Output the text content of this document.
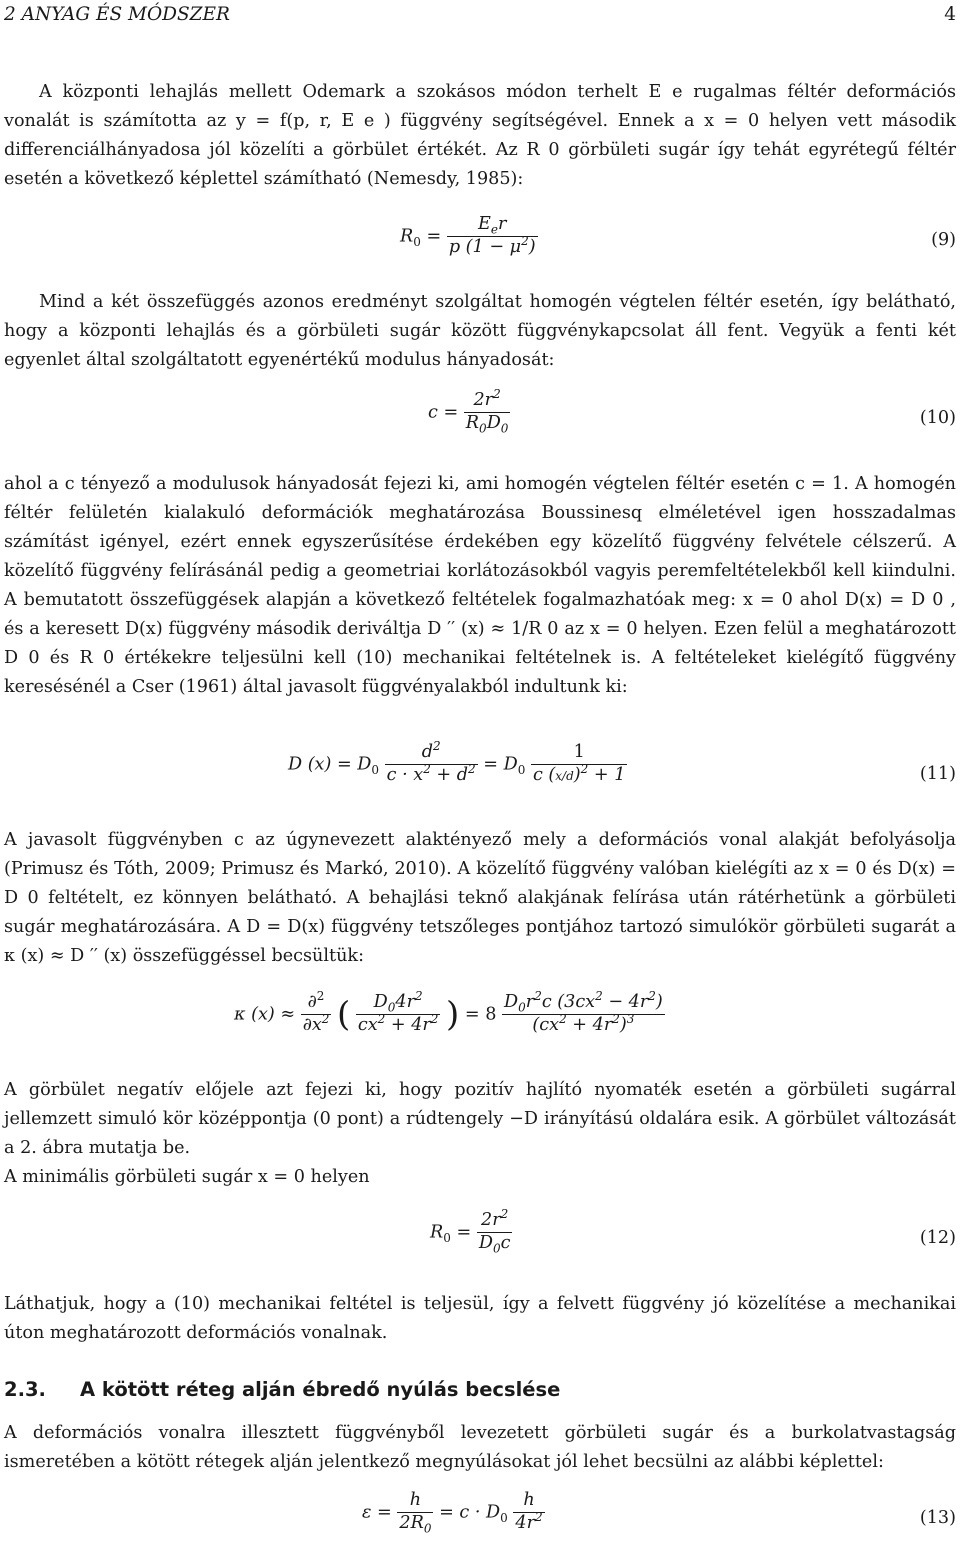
2 ANYAG ÉS MÓDSZER	4

A központi lehajlás mellett Odemark a szokásos módon terhelt E e rugalmas féltér deformációs vonalát is számította az y = f(p, r, E e ) függvény segítségével. Ennek a x = 0 helyen vett második differenciálhányadosa jól közelíti a görbület értékét. Az R 0 görbületi sugár így tehát egyrétegű féltér esetén a következő képlettel számítható (Nemesdy, 1985):

$R_0 = \frac{E_er}{p (1 - \mu^2)}$	(9)

Mind a két összefüggés azonos eredményt szolgáltat homogén végtelen féltér esetén, így belátható, hogy a központi lehajlás és a görbületi sugár között függvénykapcsolat áll fent. Vegyük a fenti két egyenlet által szolgáltatott egyenértékű modulus hányadosát:

$c = \frac{2r^2}{R_0D_0}$	(10)

ahol a c tényező a modulusok hányadosát fejezi ki, ami homogén végtelen féltér esetén c = 1. A homogén féltér felületén kialakuló deformációk meghatározása Boussinesq elméletével igen hosszadalmas számítást igényel, ezért ennek egyszerűsítése érdekében egy közelítő függvény felvétele célszerű. A közelítő függvény felírásánál pedig a geometriai korlátozásokból vagyis peremfeltételekből kell kiindulni. A bemutatott összefüggések alapján a következő feltételek fogalmazhatóak meg: x = 0 ahol D(x) = D 0 , és a keresett D(x) függvény második deriváltja D ′′ (x) ≈ 1/R 0 az x = 0 helyen. Ezen felül a meghatározott D 0 és R 0 értékekre teljesülni kell (10) mechanikai feltételnek is. A feltételeket kielégítő függvény keresésénél a Cser (1961) által javasolt függvényalakból indultunk ki:

D $(x) = D_0 \frac{d^2}{c \cdot x^2 + d^2} = D_0 \frac{1}{c (x/d)^2 + 1}$	(11)

A javasolt függvényben c az úgynevezett alaktényező mely a deformációs vonal alakját befolyásolja (Primusz és Tóth, 2009; Primusz és Markó, 2010). A közelítő függvény valóban kielégíti az x = 0 és D(x) = D 0 feltételt, ez könnyen belátható. A behajlási teknő alakjának felírása után rátérhetünk a görbületi sugár meghatározására. A D = D(x) függvény tetszőleges pontjához tartozó simulókör görbületi sugarát a κ (x) ≈ D ′′ (x) összefüggéssel becsültük:

κ $(x) \approx \frac{\partial^2}{\partial x^2}$ ( $\frac{D_04r^2}{cx^2 + 4r^2}$ ) = $8 \frac{D_0r^2c (3cx^2 - 4r^2)}{(cx^2 + 4r^2)^3}$

A görbület negatív előjele azt fejezi ki, hogy pozitív hajlító nyomaték esetén a görbületi sugárral jellemzett simuló kör középpontja (0 pont) a rúdtengely −D irányítású oldalára esik. A görbület változását a 2. ábra mutatja be.

A minimális görbületi sugár x = 0 helyen

$R_0 = \frac{2r^2}{D_0c}$	(12)

Láthatjuk, hogy a (10) mechanikai feltétel is teljesül, így a felvett függvény jó közelítése a mechanikai úton meghatározott deformációs vonalnak.

2.3. A kötött réteg alján ébredő nyúlás becslése

A deformációs vonalra illesztett függvényből levezetett görbületi sugár és a burkolatvastagság ismeretében a kötött rétegek alján jelentkező megnyúlásokat jól lehet becsülni az alábbi képlettel:

$\varepsilon = \frac{h}{2R_0} = c \cdot D_0 \frac{h}{4r^2}$	(13)
